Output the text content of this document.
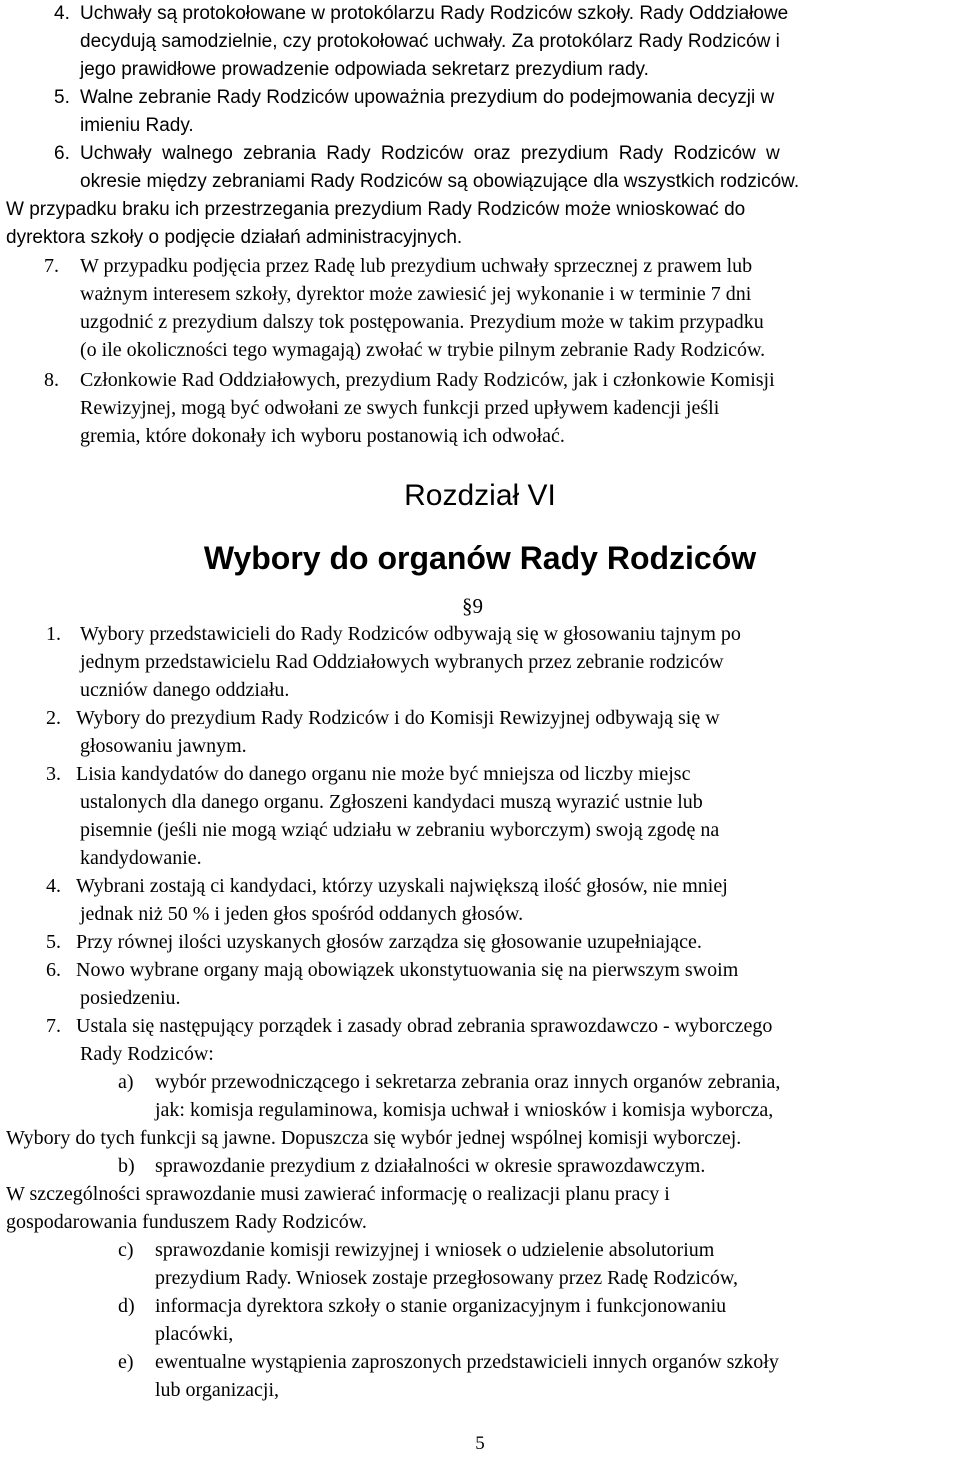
4. Uchwały są protokołowane w protokólarzu Rady Rodziców szkoły. Rady Oddziałowe
decydują samodzielnie, czy protokołować uchwały. Za protokólarz Rady Rodziców i
jego prawidłowe prowadzenie odpowiada sekretarz prezydium rady.
5. Walne zebranie Rady Rodziców upoważnia prezydium do podejmowania decyzji w
imieniu Rady.
6. Uchwały walnego zebrania Rady Rodziców oraz prezydium Rady Rodziców w
okresie między zebraniami Rady Rodziców są obowiązujące dla wszystkich rodziców.
W przypadku braku ich przestrzegania prezydium Rady Rodziców może wnioskować do
dyrektora szkoły o podjęcie działań administracyjnych.
7. W przypadku podjęcia przez Radę lub prezydium uchwały sprzecznej z prawem lub
ważnym interesem szkoły, dyrektor może zawiesić jej wykonanie i w terminie 7 dni
uzgodnić z prezydium dalszy tok postępowania. Prezydium może w takim przypadku
(o ile okoliczności tego wymagają) zwołać w trybie pilnym zebranie Rady Rodziców.
8. Członkowie Rad Oddziałowych, prezydium Rady Rodziców, jak i członkowie Komisji
Rewizyjnej, mogą być odwołani ze swych funkcji przed upływem kadencji jeśli
gremia, które dokonały ich wyboru postanowią ich odwołać.
Rozdział VI
Wybory do organów Rady Rodziców
§9
1. Wybory przedstawicieli do Rady Rodziców odbywają się w głosowaniu tajnym po
jednym przedstawicielu Rad Oddziałowych wybranych przez zebranie rodziców
uczniów danego oddziału.
2. Wybory do prezydium Rady Rodziców i do Komisji Rewizyjnej odbywają się w
głosowaniu jawnym.
3. Lisia kandydatów do danego organu nie może być mniejsza od liczby miejsc
ustalonych dla danego organu. Zgłoszeni kandydaci muszą wyrazić ustnie lub
pisemnie (jeśli nie mogą wziąć udziału w zebraniu wyborczym) swoją zgodę na
kandydowanie.
4. Wybrani zostają ci kandydaci, którzy uzyskali największą ilość głosów, nie mniej
jednak niż 50 % i jeden głos spośród oddanych głosów.
5. Przy równej ilości uzyskanych głosów zarządza się głosowanie uzupełniające.
6. Nowo wybrane organy mają obowiązek ukonstytuowania się na pierwszym swoim
posiedzeniu.
7. Ustala się następujący porządek i zasady obrad zebrania sprawozdawczo - wyborczego
Rady Rodziców:
a) wybór przewodniczącego i sekretarza zebrania oraz innych organów zebrania,
jak: komisja regulaminowa, komisja uchwał i wniosków i komisja wyborcza,
Wybory do tych funkcji są jawne. Dopuszcza się wybór jednej wspólnej komisji wyborczej.
b) sprawozdanie prezydium z działalności w okresie sprawozdawczym.
W szczególności sprawozdanie musi zawierać informację o realizacji planu pracy i
gospodarowania funduszem Rady Rodziców.
c) sprawozdanie komisji rewizyjnej i wniosek o udzielenie absolutorium
prezydium Rady. Wniosek zostaje przegłosowany przez Radę Rodziców,
d) informacja dyrektora szkoły o stanie organizacyjnym i funkcjonowaniu
placówki,
e) ewentualne wystąpienia zaproszonych przedstawicieli innych organów szkoły
lub organizacji,
5
